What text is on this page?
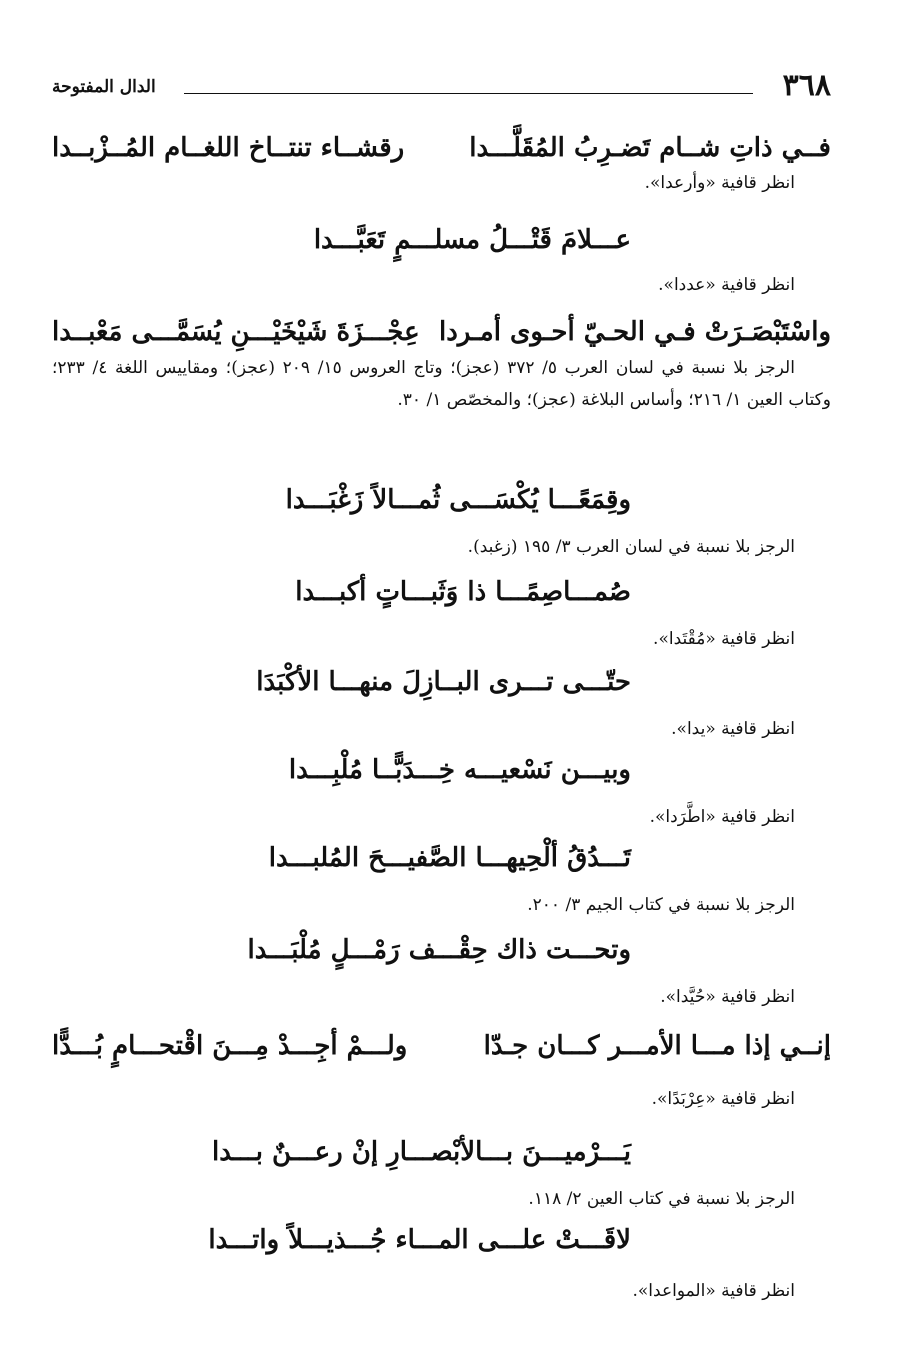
٣٦٨
الدال المفتوحة
فــي ذاتِ شــام تَضـرِبُ المُقَلَّـــدا
رقشــاء تنتــاخ اللغــام المُــزْبــدا
انظر قافية «وأرعدا».
عـــلامَ قَتْـــلُ مسلـــمٍ تَعَبَّـــدا
انظر قافية «عددا».
واسْتَبْصَـرَتْ فـي الحـيّ أحـوى أمـردا
عِجْـــزَةَ شَيْخَيْـــنِ يُسَمَّـــى مَعْبــدا
الرجز بلا نسبة في لسان العرب ٥/ ٣٧٢ (عجز)؛ وتاج العروس ١٥/ ٢٠٩ (عجز)؛ ومقاييس اللغة ٤/ ٢٣٣؛ وكتاب العين ١/ ٢١٦؛ وأساس البلاغة (عجز)؛ والمخصّص ١/ ٣٠.
وقِمَعًـــا يُكْسَـــى ثُمـــالاً زَغْبَـــدا
الرجز بلا نسبة في لسان العرب ٣/ ١٩٥ (زغبد).
صُمـــاصِمًـــا ذا وَثَبـــاتٍ أكبـــدا
انظر قافية «مُقْتَدا».
حتّـــى تـــرى البــازِلَ منهـــا الأكْبَدَا
انظر قافية «يدا».
وبيـــن نَسْعيـــه خِـــدَبًّــا مُلْبِـــدا
انظر قافية «اطَّرَدا».
تَـــدُقُ ألْحِيهـــا الصَّفيـــحَ المُلبـــدا
الرجز بلا نسبة في كتاب الجيم ٣/ ٢٠٠.
وتحـــت ذاك حِقْـــف رَمْـــلٍ مُلْبَـــدا
انظر قافية «حُيَّدا».
إنــي إذا مـــا الأمـــر كـــان جـدّا
ولـــمْ أجِـــدْ مِـــنَ اقْتحـــامٍ بُـــدًّا
انظر قافية «عِرْبَدًا».
يَـــرْميـــنَ بـــالأبْصـــارِ إنْ رعـــنٌ بـــدا
الرجز بلا نسبة في كتاب العين ٢/ ١١٨.
لاقَـــتْ علـــى المـــاء جُـــذيـــلاً واتـــدا
انظر قافية «المواعدا».
